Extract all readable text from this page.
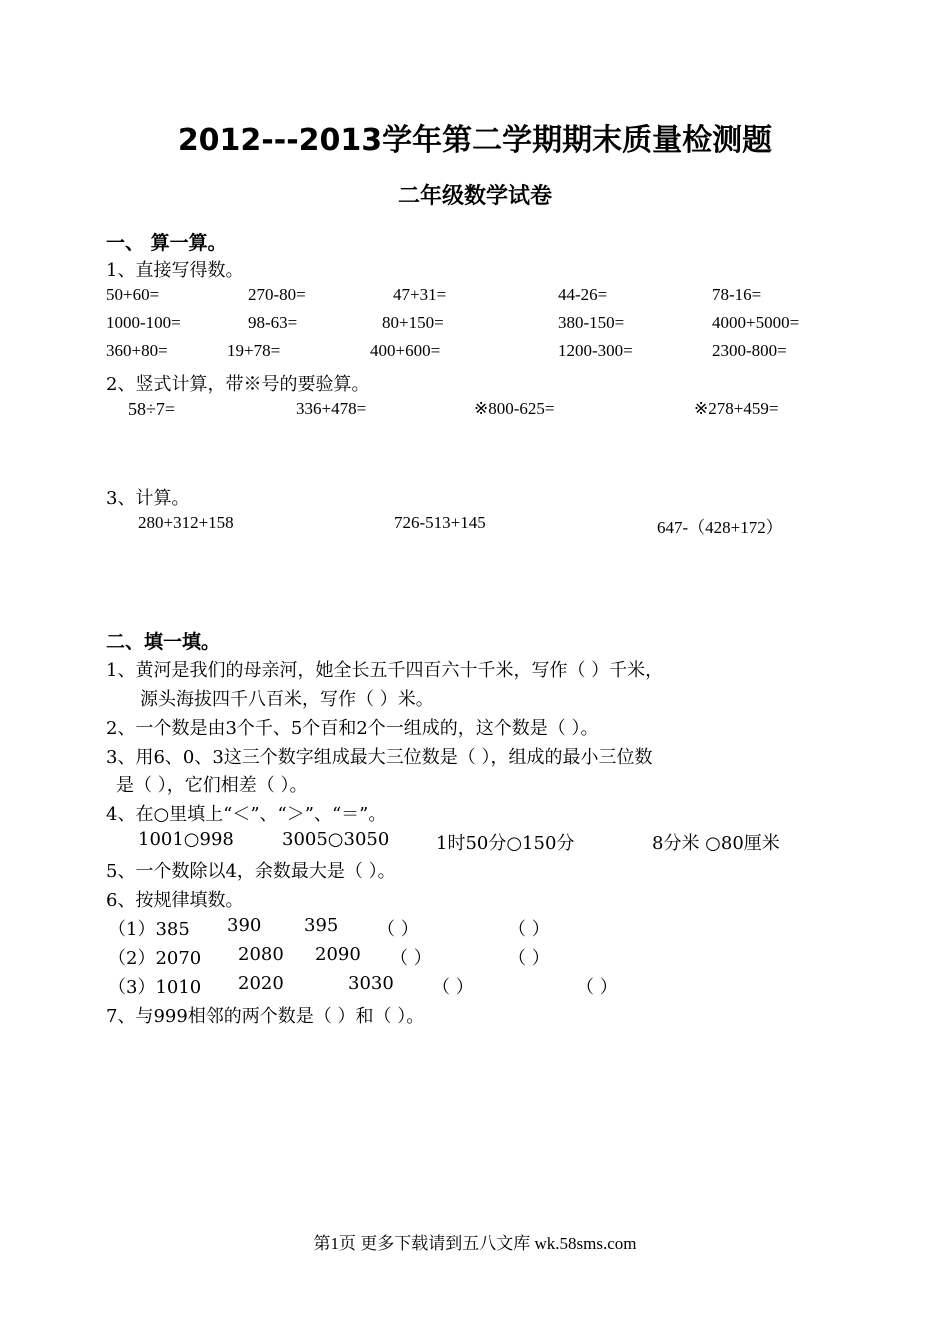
2012---2013学年第二学期期末质量检测题
二年级数学试卷
一、 算一算。
1、直接写得数。
50+60=	270-80=	47+31=	44-26=	78-16=
1000-100=	98-63=	80+150=	380-150=	4000+5000=
360+80=	19+78=	400+600=	1200-300=	2300-800=
2、竖式计算，带※号的要验算。
58÷7=	336+478=	※800-625=	※278+459=
3、计算。
280+312+158	726-513+145	647-（428+172）
二、填一填。
1、黄河是我们的母亲河，她全长五千四百六十千米，写作（ ）千米，
源头海拔四千八百米，写作（ ）米。
2、一个数是由3个千、5个百和2个一组成的，这个数是（ ）。
3、用6、0、3这三个数字组成最大三位数是（ ），组成的最小三位数
是（ ），它们相差（ ）。
4、在○里填上“＜”、“＞”、“＝”。
1001○998	3005○3050	1时50分○150分	8分米 ○80厘米
5、一个数除以4，余数最大是（ ）。
6、按规律填数。
（1）385 390 395 （ ）	（ ）
（2）2070 2080 2090 （ ）	（ ）
（3）1010 2020	3030 （ ）	（ ）
7、与999相邻的两个数是（ ）和（ ）。
第1页 更多下载请到五八文库 wk.58sms.com
